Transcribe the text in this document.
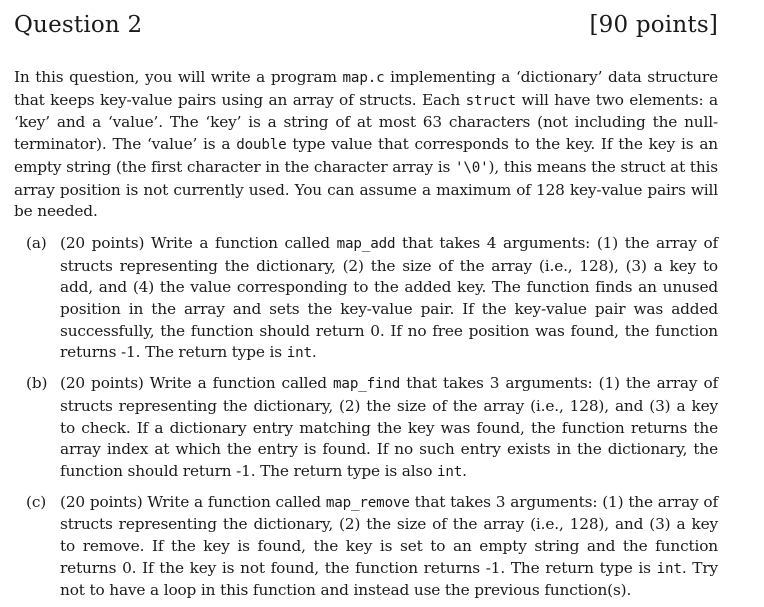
Question 2	[90 points]

In this question, you will write a program map.c implementing a ‘dictionary’ data structure that keeps key-value pairs using an array of structs. Each struct will have two elements: a ‘key’ and a ‘value’. The ‘key’ is a string of at most 63 characters (not including the null-terminator). The ‘value’ is a double type value that corresponds to the key. If the key is an empty string (the first character in the character array is '\0'), this means the struct at this array position is not currently used. You can assume a maximum of 128 key-value pairs will be needed.

(a) (20 points) Write a function called map_add that takes 4 arguments: (1) the array of structs representing the dictionary, (2) the size of the array (i.e., 128), (3) a key to add, and (4) the value corresponding to the added key. The function finds an unused position in the array and sets the key-value pair. If the key-value pair was added successfully, the function should return 0. If no free position was found, the function returns -1. The return type is int.
(b) (20 points) Write a function called map_find that takes 3 arguments: (1) the array of structs representing the dictionary, (2) the size of the array (i.e., 128), and (3) a key to check. If a dictionary entry matching the key was found, the function returns the array index at which the entry is found. If no such entry exists in the dictionary, the function should return -1. The return type is also int.
(c) (20 points) Write a function called map_remove that takes 3 arguments: (1) the array of structs representing the dictionary, (2) the size of the array (i.e., 128), and (3) a key to remove. If the key is found, the key is set to an empty string and the function returns 0. If the key is not found, the function returns -1. The return type is int. Try not to have a loop in this function and instead use the previous function(s).
